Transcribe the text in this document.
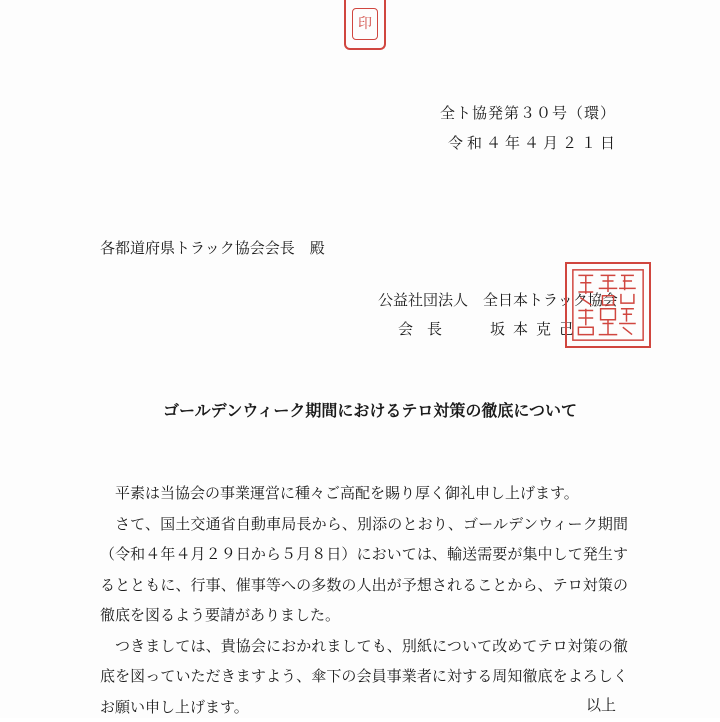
印
全ト協発第３０号（環）
令和４年４月２１日
各都道府県トラック協会会長　殿
公益社団法人　全日本トラック協会
会長 坂本克己
ゴールデンウィーク期間におけるテロ対策の徹底について

平素は当協会の事業運営に種々ご高配を賜り厚く御礼申し上げます。

さて、国土交通省自動車局長から、別添のとおり、ゴールデンウィーク期間（令和４年４月２９日から５月８日）においては、輸送需要が集中して発生するとともに、行事、催事等への多数の人出が予想されることから、テロ対策の徹底を図るよう要請がありました。

つきましては、貴協会におかれましても、別紙について改めてテロ対策の徹底を図っていただきますよう、傘下の会員事業者に対する周知徹底をよろしくお願い申し上げます。	以上
